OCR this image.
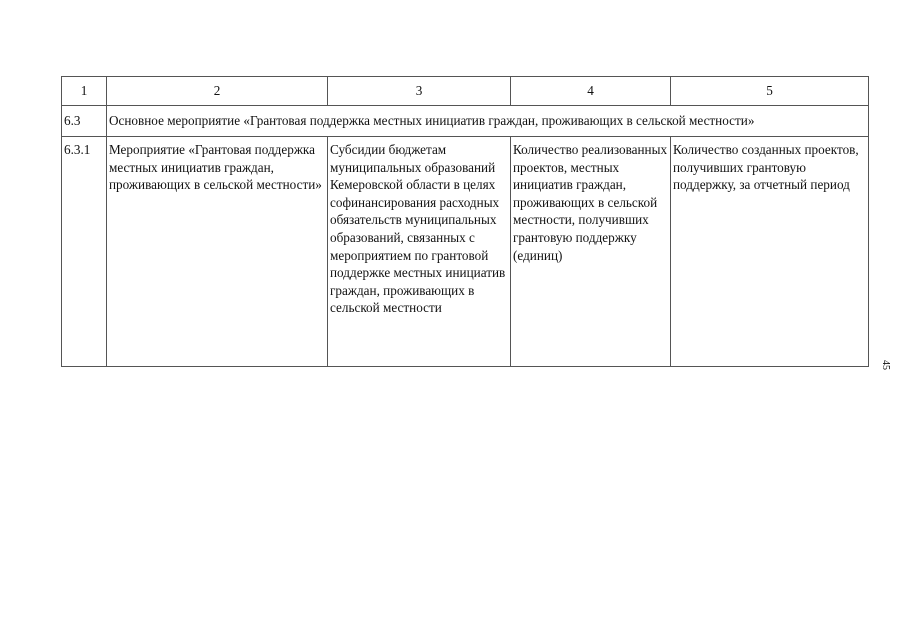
1	2	3	4	5
6.3	Основное мероприятие «Грантовая поддержка местных инициатив граждан, проживающих в сельской местности»			
6.3.1	Мероприятие «Грантовая поддержка местных инициатив граждан, проживающих в сельской местности»	Субсидии бюджетам муниципальных образований Кемеровской области в целях софинансирования расходных обязательств муниципальных образований, связанных с мероприятием по грантовой поддержке местных инициатив граждан, проживающих в сельской местности	Количество реализованных проектов, местных инициатив граждан, проживающих в сельской местности, получивших грантовую поддержку (единиц)	Количество созданных проектов, получивших грантовую поддержку, за отчетный период
45
